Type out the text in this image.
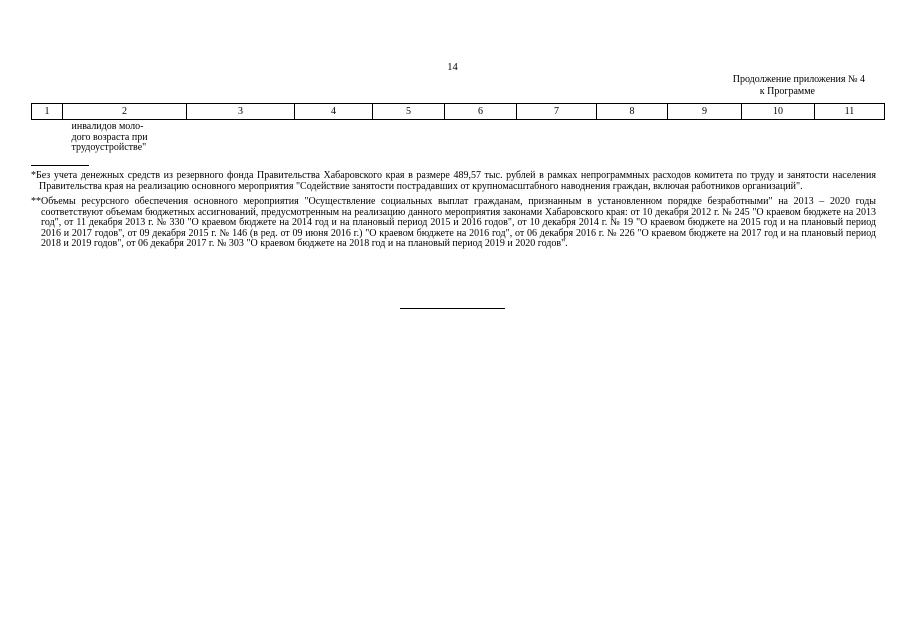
14
Продолжение приложения № 4
к Программе
1	2	3	4	5	6	7	8	9	10	11

	инвалидов моло-
дого возраста при
трудоустройстве"									

*Без учета денежных средств из резервного фонда Правительства Хабаровского края в размере 489,57 тыс. рублей в рамках непрограммных расходов комитета по труду и занятости населения Правительства края на реализацию основного мероприятия "Содействие занятости пострадавших от крупномасштабного наводнения граждан, включая работников организаций".

**Объемы ресурсного обеспечения основного мероприятия "Осуществление социальных выплат гражданам, признанным в установленном порядке безработными" на 2013 – 2020 годы соответствуют объемам бюджетных ассигнований, предусмотренным на реализацию данного мероприятия законами Хабаровского края: от 10 декабря 2012 г. № 245 "О краевом бюджете на 2013 год", от 11 декабря 2013 г. № 330 "О краевом бюджете на 2014 год и на плановый период 2015 и 2016 годов", от 10 декабря 2014 г. № 19 "О краевом бюджете на 2015 год и на плановый период 2016 и 2017 годов", от 09 декабря 2015 г. № 146 (в ред. от 09 июня 2016 г.) "О краевом бюджете на 2016 год", от 06 декабря 2016 г. № 226 "О краевом бюджете на 2017 год и на плановый период 2018 и 2019 годов", от 06 декабря 2017 г. № 303 "О краевом бюджете на 2018 год и на плановый период 2019 и 2020 годов".
